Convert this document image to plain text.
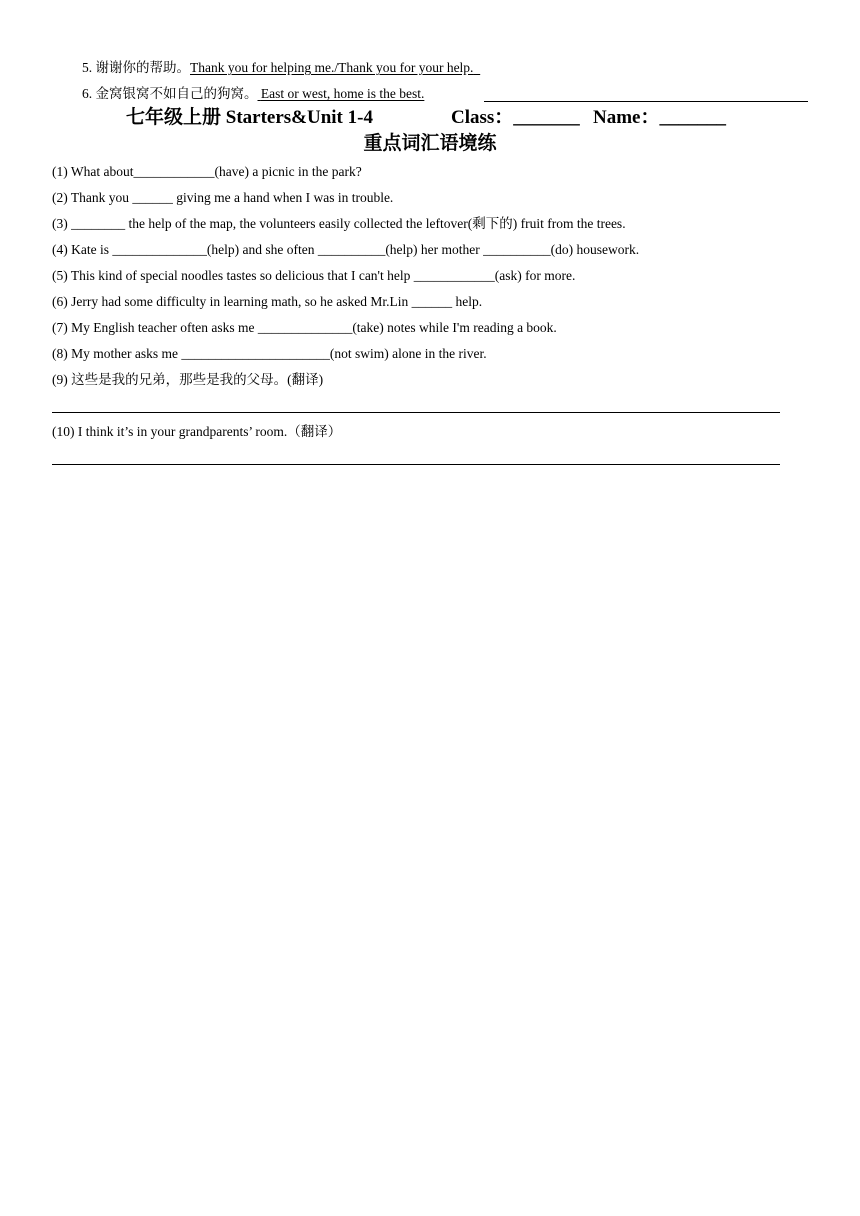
5. 谢谢你的帮助。Thank you for helping me./Thank you for your help.
6. 金窝银窝不如自己的狗窝。 East or west, home is the best.
七年级上册 Starters&Unit 1-4	Class：_______ Name：_______
重点词汇语境练
(1) What about____________(have) a picnic in the park?
(2) Thank you ______ giving me a hand when I was in trouble.
(3) ________ the help of the map, the volunteers easily collected the leftover(剩下的) fruit from the trees.
(4) Kate is ______________(help) and she often __________(help) her mother __________(do) housework.
(5) This kind of special noodles tastes so delicious that I can't help ____________(ask) for more.
(6) Jerry had some difficulty in learning math, so he asked Mr.Lin ______ help.
(7) My English teacher often asks me ______________(take) notes while I'm reading a book.
(8) My mother asks me ______________________(not swim) alone in the river.
(9) 这些是我的兄弟，那些是我的父母。(翻译)
(10) I think it’s in your grandparents’ room.（翻译）
